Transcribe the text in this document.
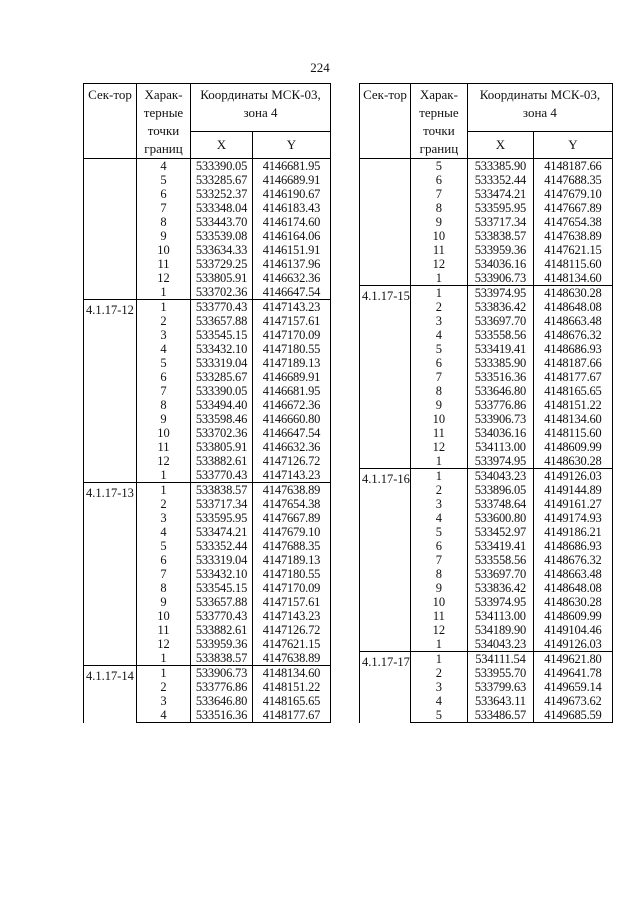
224
Сек-тор	Харак-терные точки границ	Координаты МСК-03, зона 4	
		X	Y
	4	533390.05	4146681.95
	5	533285.67	4146689.91
	6	533252.37	4146190.67
	7	533348.04	4146183.43
	8	533443.70	4146174.60
	9	533539.08	4146164.06
	10	533634.33	4146151.91
	11	533729.25	4146137.96
	12	533805.91	4146632.36
	1	533702.36	4146647.54
4.1.17-12	1	533770.43	4147143.23
	2	533657.88	4147157.61
	3	533545.15	4147170.09
	4	533432.10	4147180.55
	5	533319.04	4147189.13
	6	533285.67	4146689.91
	7	533390.05	4146681.95
	8	533494.40	4146672.36
	9	533598.46	4146660.80
	10	533702.36	4146647.54
	11	533805.91	4146632.36
	12	533882.61	4147126.72
	1	533770.43	4147143.23
4.1.17-13	1	533838.57	4147638.89
	2	533717.34	4147654.38
	3	533595.95	4147667.89
	4	533474.21	4147679.10
	5	533352.44	4147688.35
	6	533319.04	4147189.13
	7	533432.10	4147180.55
	8	533545.15	4147170.09
	9	533657.88	4147157.61
	10	533770.43	4147143.23
	11	533882.61	4147126.72
	12	533959.36	4147621.15
	1	533838.57	4147638.89
4.1.17-14	1	533906.73	4148134.60
	2	533776.86	4148151.22
	3	533646.80	4148165.65
	4	533516.36	4148177.67
Сек-тор	Харак-терные точки границ	Координаты МСК-03, зона 4	
		X	Y
	5	533385.90	4148187.66
	6	533352.44	4147688.35
	7	533474.21	4147679.10
	8	533595.95	4147667.89
	9	533717.34	4147654.38
	10	533838.57	4147638.89
	11	533959.36	4147621.15
	12	534036.16	4148115.60
	1	533906.73	4148134.60
4.1.17-15	1	533974.95	4148630.28
	2	533836.42	4148648.08
	3	533697.70	4148663.48
	4	533558.56	4148676.32
	5	533419.41	4148686.93
	6	533385.90	4148187.66
	7	533516.36	4148177.67
	8	533646.80	4148165.65
	9	533776.86	4148151.22
	10	533906.73	4148134.60
	11	534036.16	4148115.60
	12	534113.00	4148609.99
	1	533974.95	4148630.28
4.1.17-16	1	534043.23	4149126.03
	2	533896.05	4149144.89
	3	533748.64	4149161.27
	4	533600.80	4149174.93
	5	533452.97	4149186.21
	6	533419.41	4148686.93
	7	533558.56	4148676.32
	8	533697.70	4148663.48
	9	533836.42	4148648.08
	10	533974.95	4148630.28
	11	534113.00	4148609.99
	12	534189.90	4149104.46
	1	534043.23	4149126.03
4.1.17-17	1	534111.54	4149621.80
	2	533955.70	4149641.78
	3	533799.63	4149659.14
	4	533643.11	4149673.62
	5	533486.57	4149685.59
